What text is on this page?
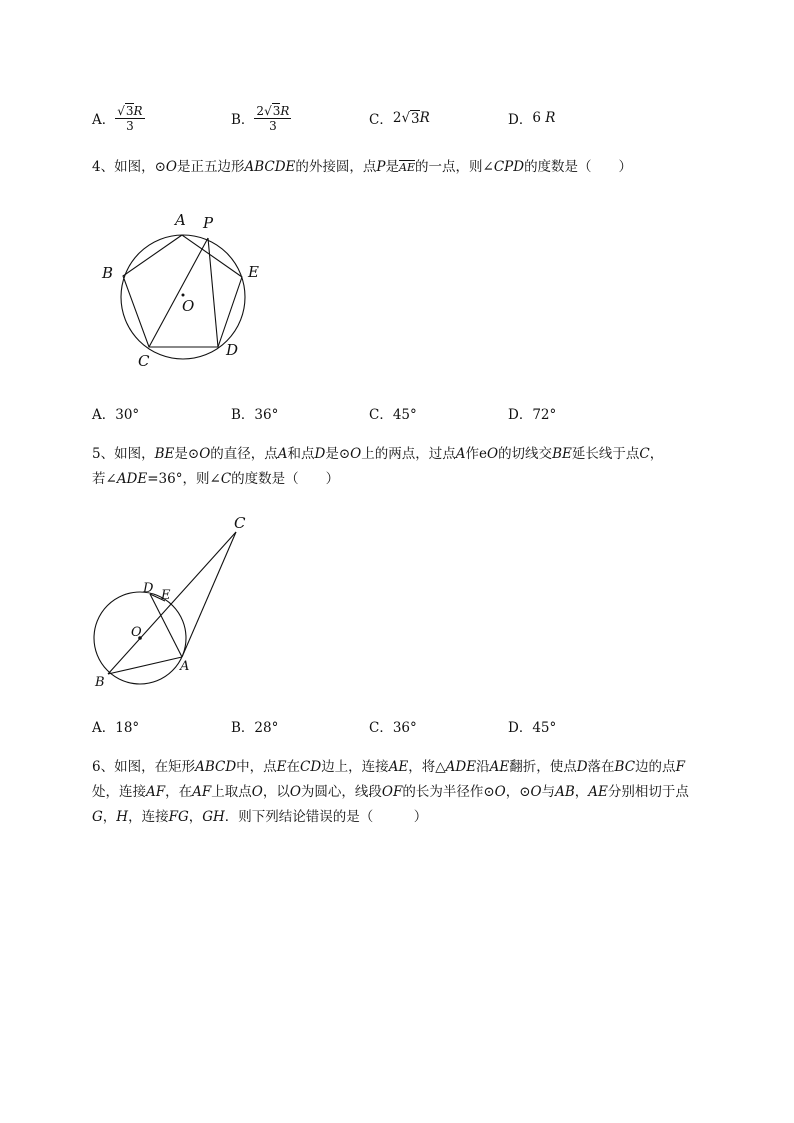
A． $\frac{√3R}{3}$	B． $\frac{2√3R}{3}$	C． 2 √ 3 R	D． 6
R
4、如图，⊙O是正五边形ABCDE的外接圆，点P是$\overline{AE}$的一点，则∠CPD的度数是（　　）
A P
B	E
O
C
D
A．30°	B．36°	C．45°	D．72°
5、如图，BE是⊙O的直径，点A和点D是⊙O上的两点，过点A作eO的切线交BE延长线于点C，
若∠ADE=36°，则∠C的度数是（　　）
C
D E
O
A
B
A．18°	B．28°	C．36°	D．45°
6、如图，在矩形ABCD中，点E在CD边上，连接AE，将△ADE沿AE翻折，使点D落在BC边的点F
处，连接AF，在AF上取点O，以O为圆心，线段OF的长为半径作⊙O，⊙O与AB，AE分别相切于点
G，H，连接FG，GH．则下列结论错误的是（　　　）
